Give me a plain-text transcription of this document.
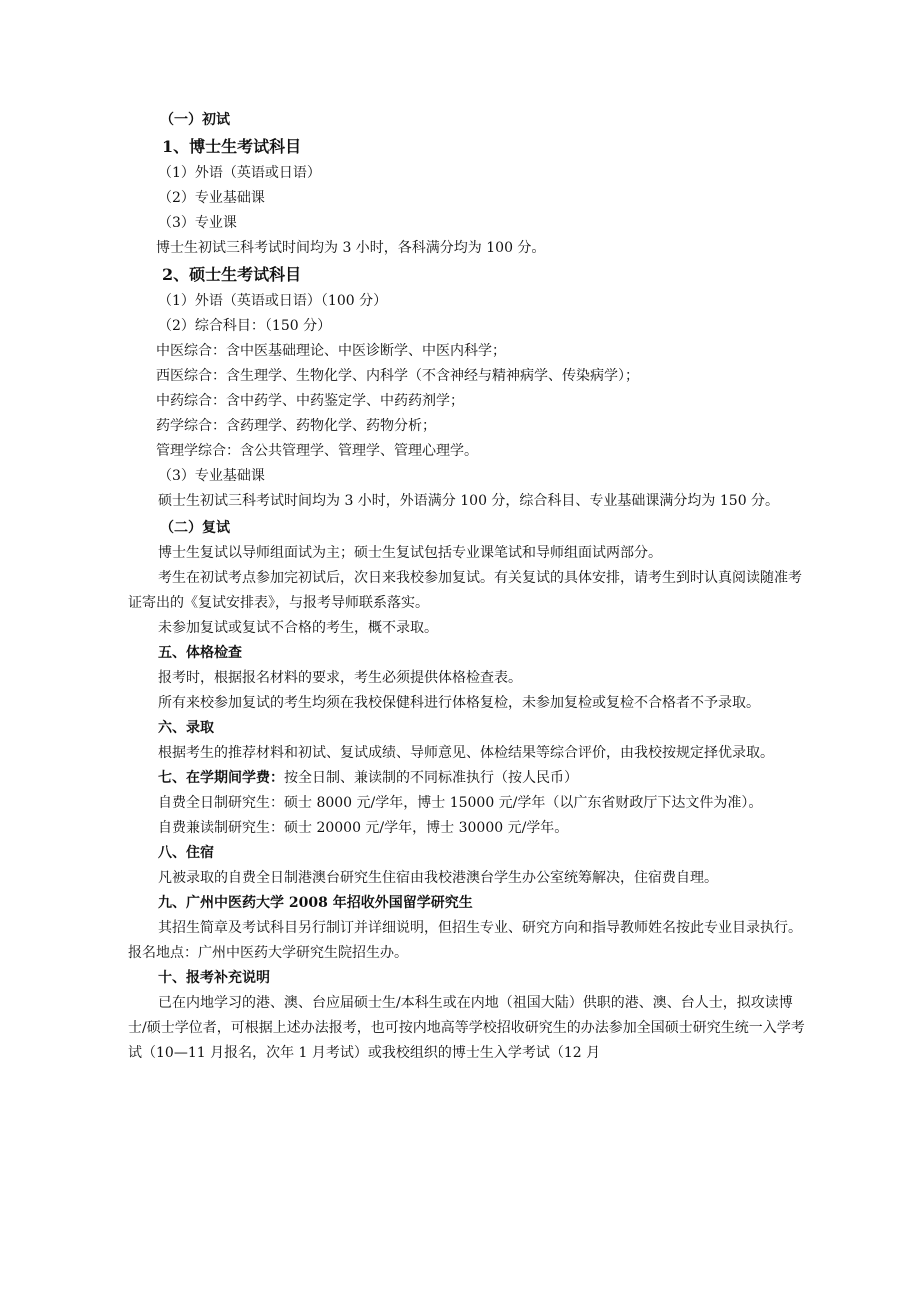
（一）初试

1、博士生考试科目

（1）外语（英语或日语）

（2）专业基础课

（3）专业课

博士生初试三科考试时间均为 3 小时，各科满分均为 100 分。

2、硕士生考试科目

（1）外语（英语或日语）（100 分）

（2）综合科目：（150 分）

中医综合：含中医基础理论、中医诊断学、中医内科学；

西医综合：含生理学、生物化学、内科学（不含神经与精神病学、传染病学）；

中药综合：含中药学、中药鉴定学、中药药剂学；

药学综合：含药理学、药物化学、药物分析；

管理学综合：含公共管理学、管理学、管理心理学。

（3）专业基础课

硕士生初试三科考试时间均为 3 小时，外语满分 100 分，综合科目、专业基础课满分均为 150 分。

（二）复试

博士生复试以导师组面试为主；硕士生复试包括专业课笔试和导师组面试两部分。

考生在初试考点参加完初试后，次日来我校参加复试。有关复试的具体安排，请考生到时认真阅读随准考证寄出的《复试安排表》，与报考导师联系落实。

未参加复试或复试不合格的考生，概不录取。

五、体格检查

报考时，根据报名材料的要求，考生必须提供体格检查表。

所有来校参加复试的考生均须在我校保健科进行体格复检，未参加复检或复检不合格者不予录取。

六、录取

根据考生的推荐材料和初试、复试成绩、导师意见、体检结果等综合评价，由我校按规定择优录取。

七、在学期间学费：按全日制、兼读制的不同标准执行（按人民币）

自费全日制研究生：硕士 8000 元/学年，博士 15000 元/学年（以广东省财政厅下达文件为准）。

自费兼读制研究生：硕士 20000 元/学年，博士 30000 元/学年。

八、住宿

凡被录取的自费全日制港澳台研究生住宿由我校港澳台学生办公室统筹解决，住宿费自理。

九、广州中医药大学 2008 年招收外国留学研究生

其招生简章及考试科目另行制订并详细说明，但招生专业、研究方向和指导教师姓名按此专业目录执行。报名地点：广州中医药大学研究生院招生办。

十、报考补充说明

已在内地学习的港、澳、台应届硕士生/本科生或在内地（祖国大陆）供职的港、澳、台人士，拟攻读博士/硕士学位者，可根据上述办法报考，也可按内地高等学校招收研究生的办法参加全国硕士研究生统一入学考试（10—11 月报名，次年 1 月考试）或我校组织的博士生入学考试（12 月
